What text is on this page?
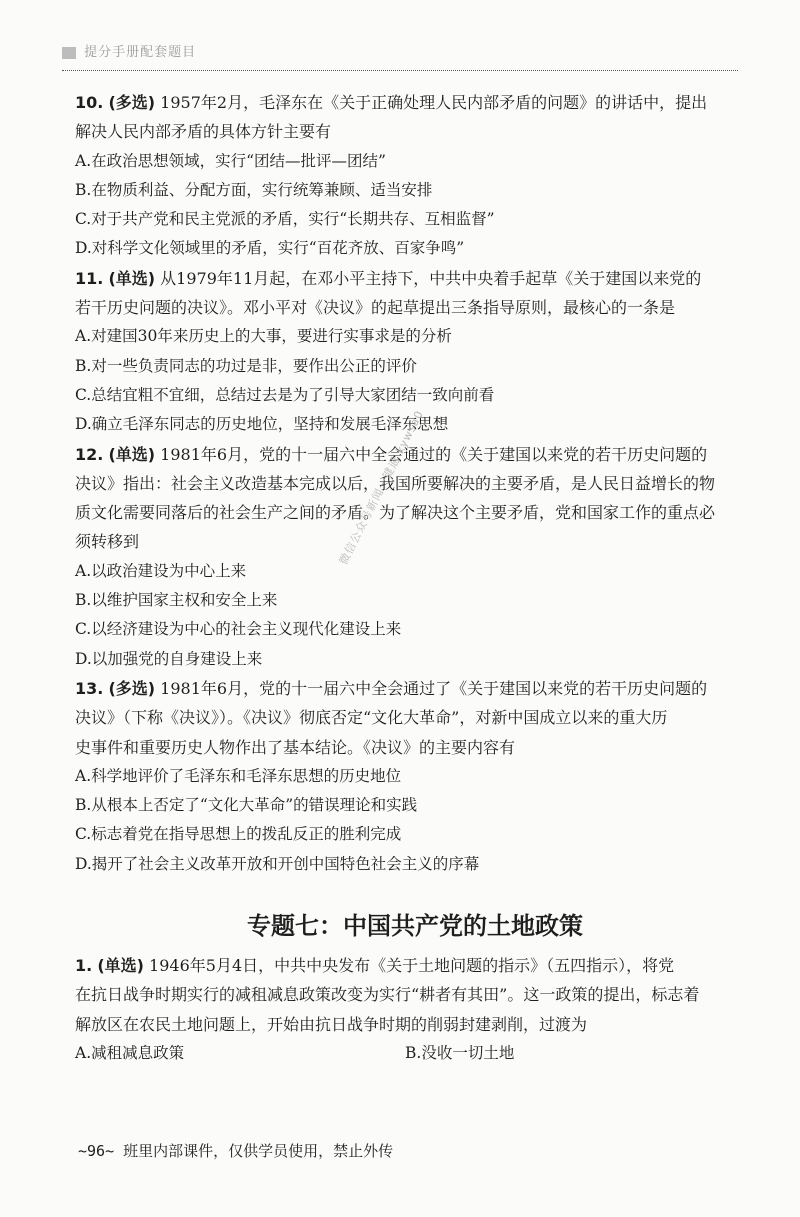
提分手册配套题目
10. (多选) 1957年2月，毛泽东在《关于正确处理人民内部矛盾的问题》的讲话中，提出
解决人民内部矛盾的具体方针主要有
A.在政治思想领域，实行“团结—批评—团结”
B.在物质利益、分配方面，实行统筹兼顾、适当安排
C.对于共产党和民主党派的矛盾，实行“长期共存、互相监督”
D.对科学文化领域里的矛盾，实行“百花齐放、百家争鸣”
11. (单选) 从1979年11月起，在邓小平主持下，中共中央着手起草《关于建国以来党的
若干历史问题的决议》。邓小平对《决议》的起草提出三条指导原则，最核心的一条是
A.对建国30年来历史上的大事，要进行实事求是的分析
B.对一些负责同志的功过是非，要作出公正的评价
C.总结宜粗不宜细，总结过去是为了引导大家团结一致向前看
D.确立毛泽东同志的历史地位，坚持和发展毛泽东思想
12. (单选) 1981年6月，党的十一届六中全会通过的《关于建国以来党的若干历史问题的
决议》指出：社会主义改造基本完成以后，我国所要解决的主要矛盾，是人民日益增长的物
质文化需要同落后的社会生产之间的矛盾。为了解决这个主要矛盾，党和国家工作的重点必
须转移到
A.以政治建设为中心上来
B.以维护国家主权和安全上来
C.以经济建设为中心的社会主义现代化建设上来
D.以加强党的自身建设上来
13. (多选) 1981年6月，党的十一届六中全会通过了《关于建国以来党的若干历史问题的
决议》（下称《决议》）。《决议》彻底否定“文化大革命”，对新中国成立以来的重大历
史事件和重要历史人物作出了基本结论。《决议》的主要内容有
A.科学地评价了毛泽东和毛泽东思想的历史地位
B.从根本上否定了“文化大革命”的错误理论和实践
C.标志着党在指导思想上的拨乱反正的胜利完成
D.揭开了社会主义改革开放和开创中国特色社会主义的序幕
专题七：中国共产党的土地政策
1. (单选) 1946年5月4日，中共中央发布《关于土地问题的指示》（五四指示），将党
在抗日战争时期实行的减租减息政策改变为实行“耕者有其田”。这一政策的提出，标志着
解放区在农民土地问题上，开始由抗日战争时期的削弱封建剥削，过渡为
A.减租减息政策	B.没收一切土地
微信公众号新闻一键通 kywsa0
~96~ 班里内部课件，仅供学员使用，禁止外传
